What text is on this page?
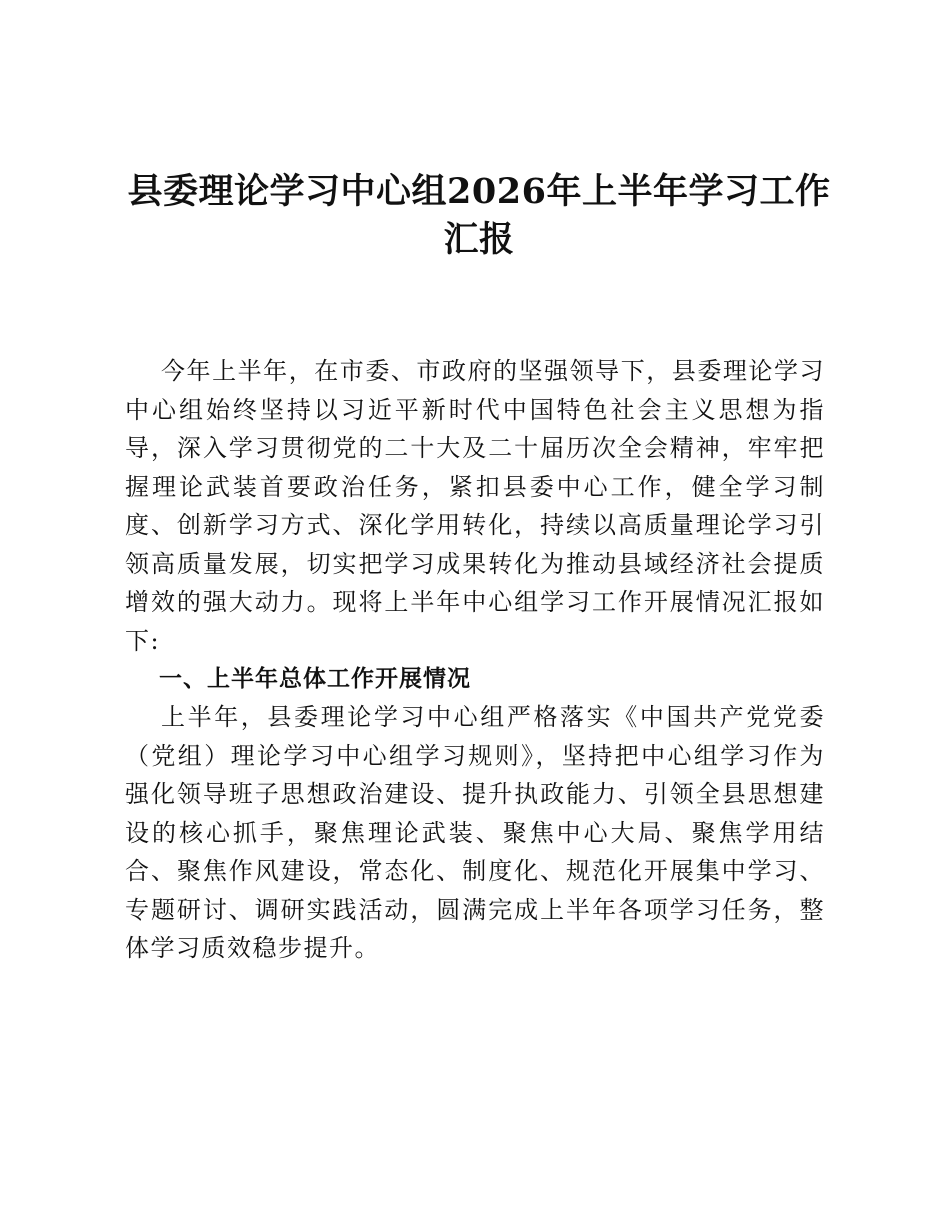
县委理论学习中心组2026年上半年学习工作汇报

今年上半年，在市委、市政府的坚强领导下，县委理论学习中心组始终坚持以习近平新时代中国特色社会主义思想为指导，深入学习贯彻党的二十大及二十届历次全会精神，牢牢把握理论武装首要政治任务，紧扣县委中心工作，健全学习制度、创新学习方式、深化学用转化，持续以高质量理论学习引领高质量发展，切实把学习成果转化为推动县域经济社会提质增效的强大动力。现将上半年中心组学习工作开展情况汇报如下:

一、上半年总体工作开展情况

上半年，县委理论学习中心组严格落实《中国共产党党委（党组）理论学习中心组学习规则》，坚持把中心组学习作为强化领导班子思想政治建设、提升执政能力、引领全县思想建设的核心抓手，聚焦理论武装、聚焦中心大局、聚焦学用结合、聚焦作风建设，常态化、制度化、规范化开展集中学习、专题研讨、调研实践活动，圆满完成上半年各项学习任务，整体学习质效稳步提升。
